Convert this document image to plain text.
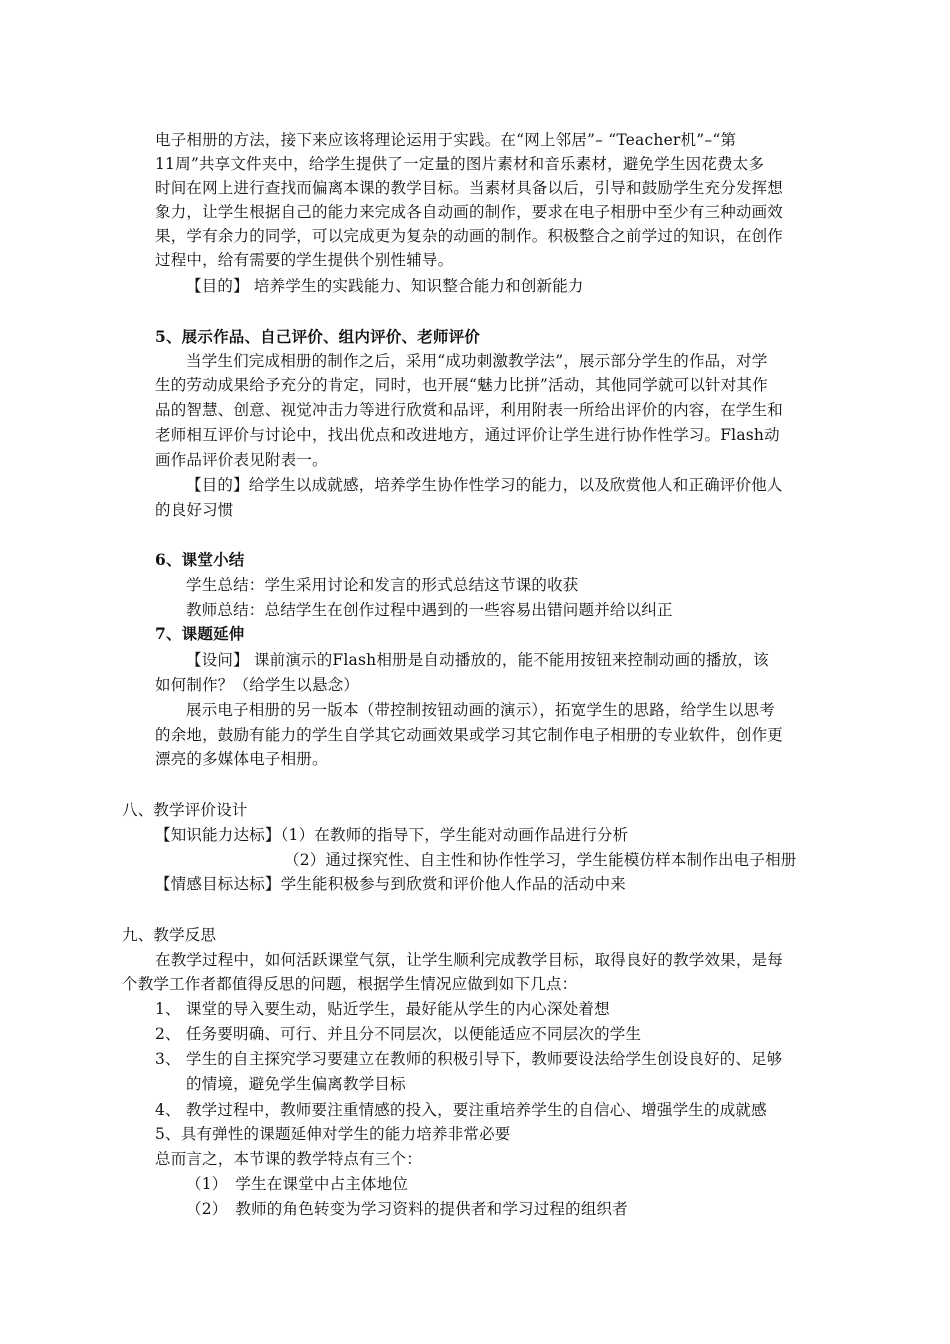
电子相册的方法，接下来应该将理论运用于实践。在“网上邻居”– “Teacher机”–“第
11周”共享文件夹中，给学生提供了一定量的图片素材和音乐素材，避免学生因花费太多
时间在网上进行查找而偏离本课的教学目标。当素材具备以后，引导和鼓励学生充分发挥想
象力，让学生根据自己的能力来完成各自动画的制作，要求在电子相册中至少有三种动画效
果，学有余力的同学，可以完成更为复杂的动画的制作。积极整合之前学过的知识，在创作
过程中，给有需要的学生提供个别性辅导。
【目的】 培养学生的实践能力、知识整合能力和创新能力
5、展示作品、自己评价、组内评价、老师评价
当学生们完成相册的制作之后，采用“成功刺激教学法”，展示部分学生的作品，对学
生的劳动成果给予充分的肯定，同时，也开展“魅力比拼”活动，其他同学就可以针对其作
品的智慧、创意、视觉冲击力等进行欣赏和品评，利用附表一所给出评价的内容，在学生和
老师相互评价与讨论中，找出优点和改进地方，通过评价让学生进行协作性学习。Flash动
画作品评价表见附表一。
【目的】给学生以成就感，培养学生协作性学习的能力，以及欣赏他人和正确评价他人
的良好习惯
6、课堂小结
学生总结：学生采用讨论和发言的形式总结这节课的收获
教师总结：总结学生在创作过程中遇到的一些容易出错问题并给以纠正
7、课题延伸
【设问】 课前演示的Flash相册是自动播放的，能不能用按钮来控制动画的播放，该
如何制作？（给学生以悬念）
展示电子相册的另一版本（带控制按钮动画的演示），拓宽学生的思路，给学生以思考
的余地，鼓励有能力的学生自学其它动画效果或学习其它制作电子相册的专业软件，创作更
漂亮的多媒体电子相册。
八、教学评价设计
【知识能力达标】（1）在教师的指导下，学生能对动画作品进行分析
（2）通过探究性、自主性和协作性学习，学生能模仿样本制作出电子相册
【情感目标达标】学生能积极参与到欣赏和评价他人作品的活动中来
九、教学反思
在教学过程中，如何活跃课堂气氛，让学生顺利完成教学目标，取得良好的教学效果，是每
个教学工作者都值得反思的问题，根据学生情况应做到如下几点：
1、 课堂的导入要生动，贴近学生，最好能从学生的内心深处着想
2、 任务要明确、可行、并且分不同层次，以便能适应不同层次的学生
3、 学生的自主探究学习要建立在教师的积极引导下，教师要设法给学生创设良好的、足够
的情境，避免学生偏离教学目标
4、 教学过程中，教师要注重情感的投入，要注重培养学生的自信心、增强学生的成就感
5、具有弹性的课题延伸对学生的能力培养非常必要
总而言之，本节课的教学特点有三个：
（1）　学生在课堂中占主体地位
（2）　教师的角色转变为学习资料的提供者和学习过程的组织者
